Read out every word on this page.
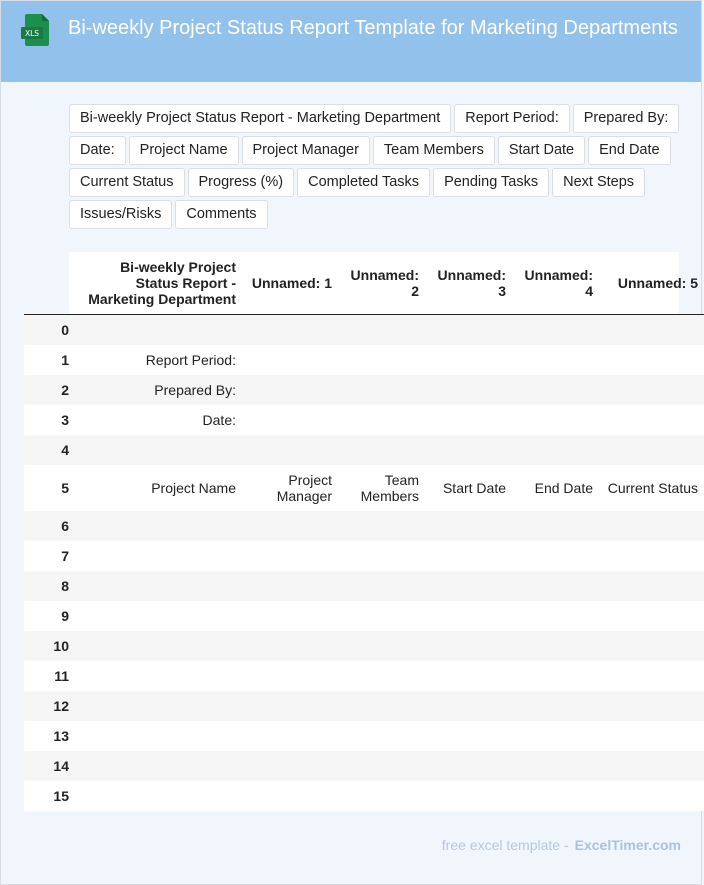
XLS	Bi-weekly Project Status Report Template for Marketing Departments
Bi-weekly Project Status Report - Marketing Department	Report Period:	Prepared By:
Date:	Project Name	Project Manager	Team Members	Start Date	End Date
Current Status	Progress (%)	Completed Tasks	Pending Tasks	Next Steps
Issues/Risks	Comments
	Bi-weekly Project Status Report - Marketing Department	Unnamed: 1	Unnamed: 2	Unnamed: 3	Unnamed: 4	Unnamed: 5
0						
1	Report Period:					
2	Prepared By:					
3	Date:					
4						
5	Project Name	Project Manager	Team Members	Start Date	End Date	Current Status
6						
7						
8						
9						
10						
11						
12						
13						
14						
15						
free excel template - ExcelTimer.com
